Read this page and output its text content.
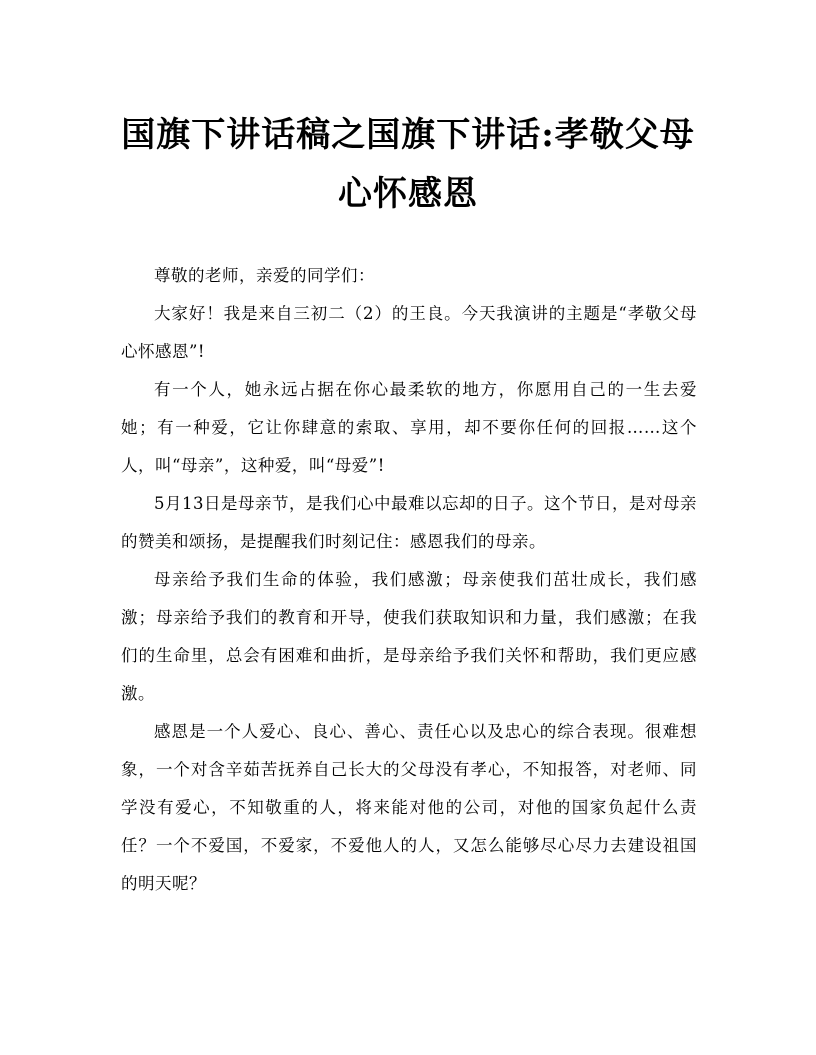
国旗下讲话稿之国旗下讲话:孝敬父母
心怀感恩

尊敬的老师，亲爱的同学们：

大家好！我是来自三初二（2）的王良。今天我演讲的主题是“孝敬父母 心怀感恩”!

有一个人，她永远占据在你心最柔软的地方，你愿用自己的一生去爱她；有一种爱，它让你肆意的索取、享用，却不要你任何的回报……这个人，叫“母亲”，这种爱，叫“母爱”!

5月13日是母亲节，是我们心中最难以忘却的日子。这个节日，是对母亲的赞美和颂扬，是提醒我们时刻记住：感恩我们的母亲。

母亲给予我们生命的体验，我们感激；母亲使我们茁壮成长，我们感激；母亲给予我们的教育和开导，使我们获取知识和力量，我们感激；在我们的生命里，总会有困难和曲折，是母亲给予我们关怀和帮助，我们更应感激。

感恩是一个人爱心、良心、善心、责任心以及忠心的综合表现。很难想象，一个对含辛茹苦抚养自己长大的父母没有孝心，不知报答，对老师、同学没有爱心，不知敬重的人，将来能对他的公司，对他的国家负起什么责任？一个不爱国，不爱家，不爱他人的人，又怎么能够尽心尽力去建设祖国的明天呢？
